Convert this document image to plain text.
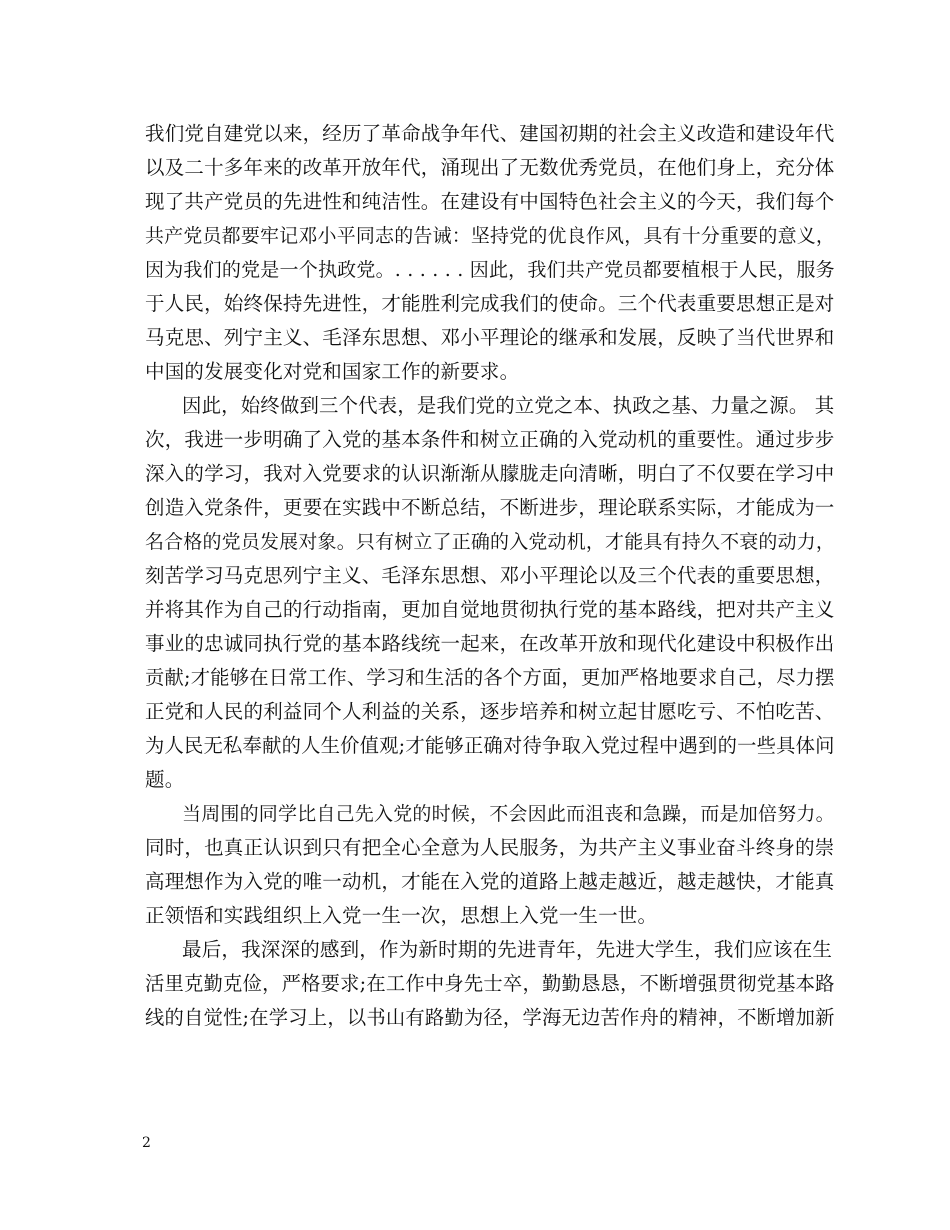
我们党自建党以来，经历了革命战争年代、建国初期的社会主义改造和建设年代
以及二十多年来的改革开放年代，涌现出了无数优秀党员，在他们身上，充分体
现了共产党员的先进性和纯洁性。在建设有中国特色社会主义的今天，我们每个
共产党员都要牢记邓小平同志的告诫：坚持党的优良作风，具有十分重要的意义，
因为我们的党是一个执政党。. . . . . . 因此，我们共产党员都要植根于人民，服务
于人民，始终保持先进性，才能胜利完成我们的使命。三个代表重要思想正是对
马克思、列宁主义、毛泽东思想、邓小平理论的继承和发展，反映了当代世界和
中国的发展变化对党和国家工作的新要求。
因此，始终做到三个代表，是我们党的立党之本、执政之基、力量之源。 其
次，我进一步明确了入党的基本条件和树立正确的入党动机的重要性。通过步步
深入的学习，我对入党要求的认识渐渐从朦胧走向清晰，明白了不仅要在学习中
创造入党条件，更要在实践中不断总结，不断进步，理论联系实际，才能成为一
名合格的党员发展对象。只有树立了正确的入党动机，才能具有持久不衰的动力，
刻苦学习马克思列宁主义、毛泽东思想、邓小平理论以及三个代表的重要思想，
并将其作为自己的行动指南，更加自觉地贯彻执行党的基本路线，把对共产主义
事业的忠诚同执行党的基本路线统一起来，在改革开放和现代化建设中积极作出
贡献;才能够在日常工作、学习和生活的各个方面，更加严格地要求自己，尽力摆
正党和人民的利益同个人利益的关系，逐步培养和树立起甘愿吃亏、不怕吃苦、
为人民无私奉献的人生价值观;才能够正确对待争取入党过程中遇到的一些具体问
题。
当周围的同学比自己先入党的时候，不会因此而沮丧和急躁，而是加倍努力。
同时，也真正认识到只有把全心全意为人民服务，为共产主义事业奋斗终身的崇
高理想作为入党的唯一动机，才能在入党的道路上越走越近，越走越快，才能真
正领悟和实践组织上入党一生一次，思想上入党一生一世。
最后，我深深的感到，作为新时期的先进青年，先进大学生，我们应该在生
活里克勤克俭，严格要求;在工作中身先士卒，勤勤恳恳，不断增强贯彻党基本路
线的自觉性;在学习上，以书山有路勤为径，学海无边苦作舟的精神，不断增加新
2
